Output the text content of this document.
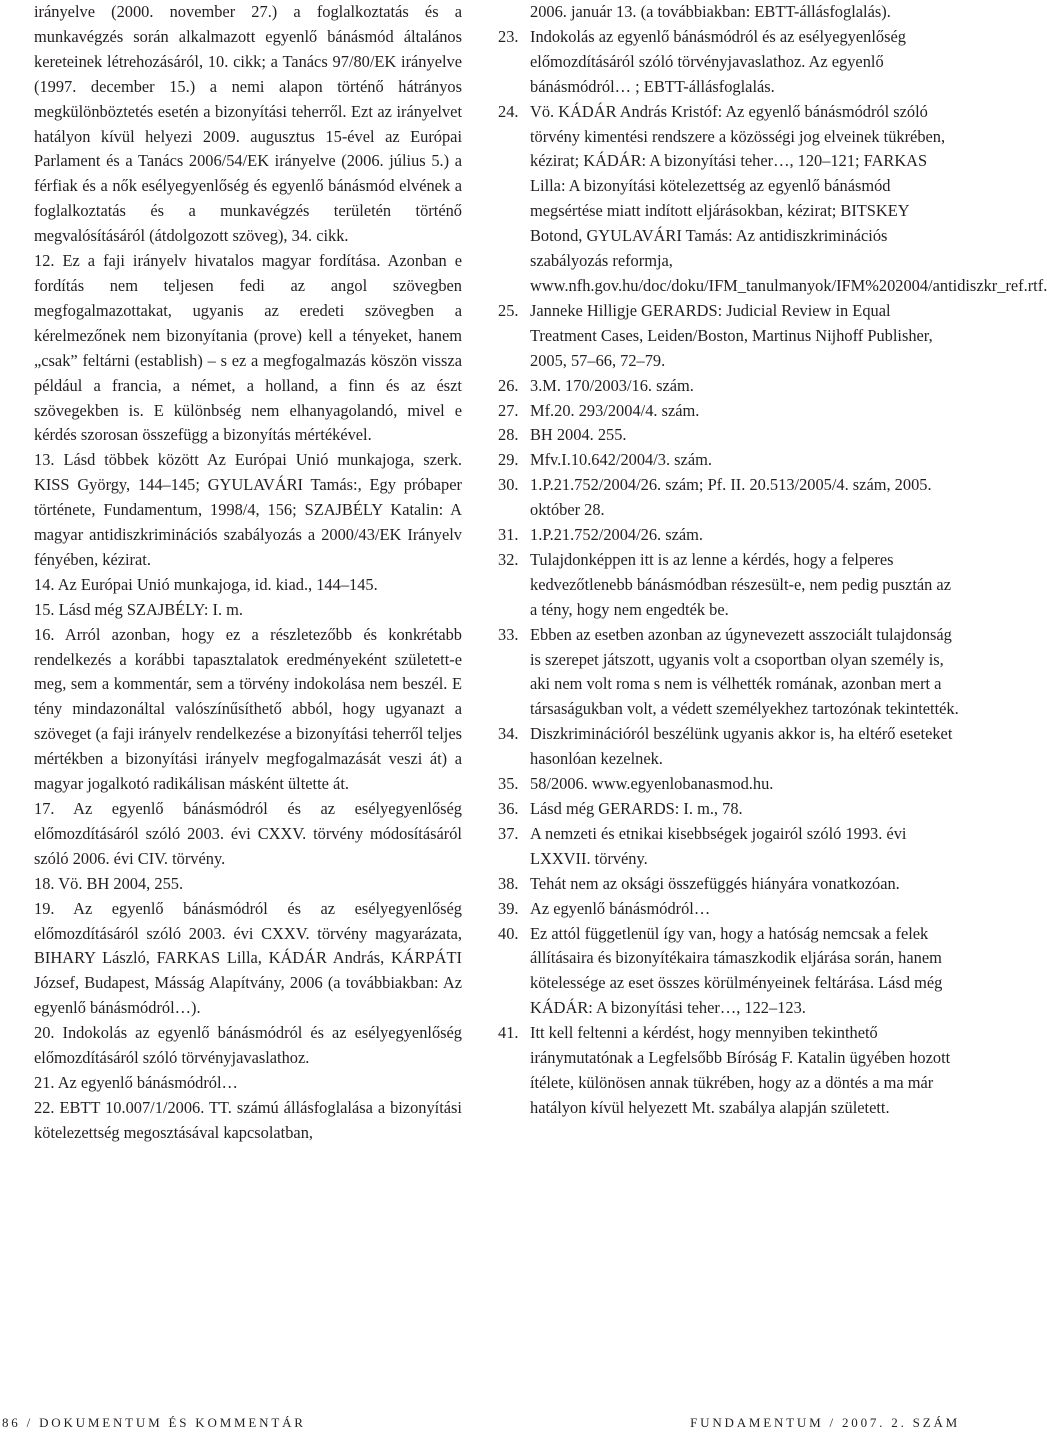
irányelve (2000. november 27.) a foglalkoztatás és a munkavégzés során alkalmazott egyenlő bánásmód általános kereteinek létrehozásáról, 10. cikk; a Tanács 97/80/EK irányelve (1997. december 15.) a nemi alapon történő hátrányos megkülönböztetés esetén a bizonyítási teherről. Ezt az irányelvet hatályon kívül helyezi 2009. augusztus 15-ével az Európai Parlament és a Tanács 2006/54/EK irányelve (2006. július 5.) a férfiak és a nők esélyegyenlőség és egyenlő bánásmód elvének a foglalkoztatás és a munkavégzés területén történő megvalósításáról (átdolgozott szöveg), 34. cikk.
12. Ez a faji irányelv hivatalos magyar fordítása. Azonban e fordítás nem teljesen fedi az angol szövegben megfogalmazottakat, ugyanis az eredeti szövegben a kérelmezőnek nem bizonyítania (prove) kell a tényeket, hanem „csak” feltárni (establish) – s ez a megfogalmazás köszön vissza például a francia, a német, a holland, a finn és az észt szövegekben is. E különbség nem elhanyagolandó, mivel e kérdés szorosan összefügg a bizonyítás mértékével.
13. Lásd többek között Az Európai Unió munkajoga, szerk. KISS György, 144–145; GYULAVÁRI Tamás:, Egy próbaper története, Fundamentum, 1998/4, 156; SZAJBÉLY Katalin: A magyar antidiszkriminációs szabályozás a 2000/43/EK Irányelv fényében, kézirat.
14. Az Európai Unió munkajoga, id. kiad., 144–145.
15. Lásd még SZAJBÉLY: I. m.
16. Arról azonban, hogy ez a részletezőbb és konkrétabb rendelkezés a korábbi tapasztalatok eredményeként született-e meg, sem a kommentár, sem a törvény indokolása nem beszél. E tény mindazonáltal valószínűsíthető abból, hogy ugyanazt a szöveget (a faji irányelv rendelkezése a bizonyítási teherről teljes mértékben a bizonyítási irányelv megfogalmazását veszi át) a magyar jogalkotó radikálisan másként ültette át.
17. Az egyenlő bánásmódról és az esélyegyenlőség előmozdításáról szóló 2003. évi CXXV. törvény módosításáról szóló 2006. évi CIV. törvény.
18. Vö. BH 2004, 255.
19. Az egyenlő bánásmódról és az esélyegyenlőség előmozdításáról szóló 2003. évi CXXV. törvény magyarázata, BIHARY László, FARKAS Lilla, KÁDÁR András, KÁRPÁTI József, Budapest, Másság Alapítvány, 2006 (a továbbiakban: Az egyenlő bánásmódról…).
20. Indokolás az egyenlő bánásmódról és az esélyegyenlőség előmozdításáról szóló törvényjavaslathoz.
21. Az egyenlő bánásmódról…
22. EBTT 10.007/1/2006. TT. számú állásfoglalása a bizonyítási kötelezettség megosztásával kapcsolatban,
2006. január 13. (a továbbiakban: EBTT-állásfoglalás).
23. Indokolás az egyenlő bánásmódról és az esélyegyenlőség előmozdításáról szóló törvényjavaslathoz. Az egyenlő bánásmódról… ; EBTT-állásfoglalás.
24. Vö. KÁDÁR András Kristóf: Az egyenlő bánásmódról szóló törvény kimentési rendszere a közösségi jog elveinek tükrében, kézirat; KÁDÁR: A bizonyítási teher…, 120–121; FARKAS Lilla: A bizonyítási kötelezettség az egyenlő bánásmód megsértése miatt indított eljárásokban, kézirat; BITSKEY Botond, GYULAVÁRI Tamás: Az antidiszkriminációs szabályozás reformja, www.nfh.gov.hu/doc/doku/IFM_tanulmanyok/IFM%202004/antidiszkr_ref.rtf.
25. Janneke Hilligje GERARDS: Judicial Review in Equal Treatment Cases, Leiden/Boston, Martinus Nijhoff Publisher, 2005, 57–66, 72–79.
26. 3.M. 170/2003/16. szám.
27. Mf.20. 293/2004/4. szám.
28. BH 2004. 255.
29. Mfv.I.10.642/2004/3. szám.
30. 1.P.21.752/2004/26. szám; Pf. II. 20.513/2005/4. szám, 2005. október 28.
31. 1.P.21.752/2004/26. szám.
32. Tulajdonképpen itt is az lenne a kérdés, hogy a felperes kedvezőtlenebb bánásmódban részesült-e, nem pedig pusztán az a tény, hogy nem engedték be.
33. Ebben az esetben azonban az úgynevezett asszociált tulajdonság is szerepet játszott, ugyanis volt a csoportban olyan személy is, aki nem volt roma s nem is vélhették romának, azonban mert a társaságukban volt, a védett személyekhez tartozónak tekintették.
34. Diszkriminációról beszélünk ugyanis akkor is, ha eltérő eseteket hasonlóan kezelnek.
35. 58/2006. www.egyenlobanasmod.hu.
36. Lásd még GERARDS: I. m., 78.
37. A nemzeti és etnikai kisebbségek jogairól szóló 1993. évi LXXVII. törvény.
38. Tehát nem az oksági összefüggés hiányára vonatkozóan.
39. Az egyenlő bánásmódról…
40. Ez attól függetlenül így van, hogy a hatóság nemcsak a felek állításaira és bizonyítékaira támaszkodik eljárása során, hanem kötelessége az eset összes körülményeinek feltárása. Lásd még KÁDÁR: A bizonyítási teher…, 122–123.
41. Itt kell feltenni a kérdést, hogy mennyiben tekinthető iránymutatónak a Legfelsőbb Bíróság F. Katalin ügyében hozott ítélete, különösen annak tükrében, hogy az a döntés a ma már hatályon kívül helyezett Mt. szabálya alapján született.
86 / DOKUMENTUM ÉS KOMMENTÁR	FUNDAMENTUM / 2007. 2. SZÁM
